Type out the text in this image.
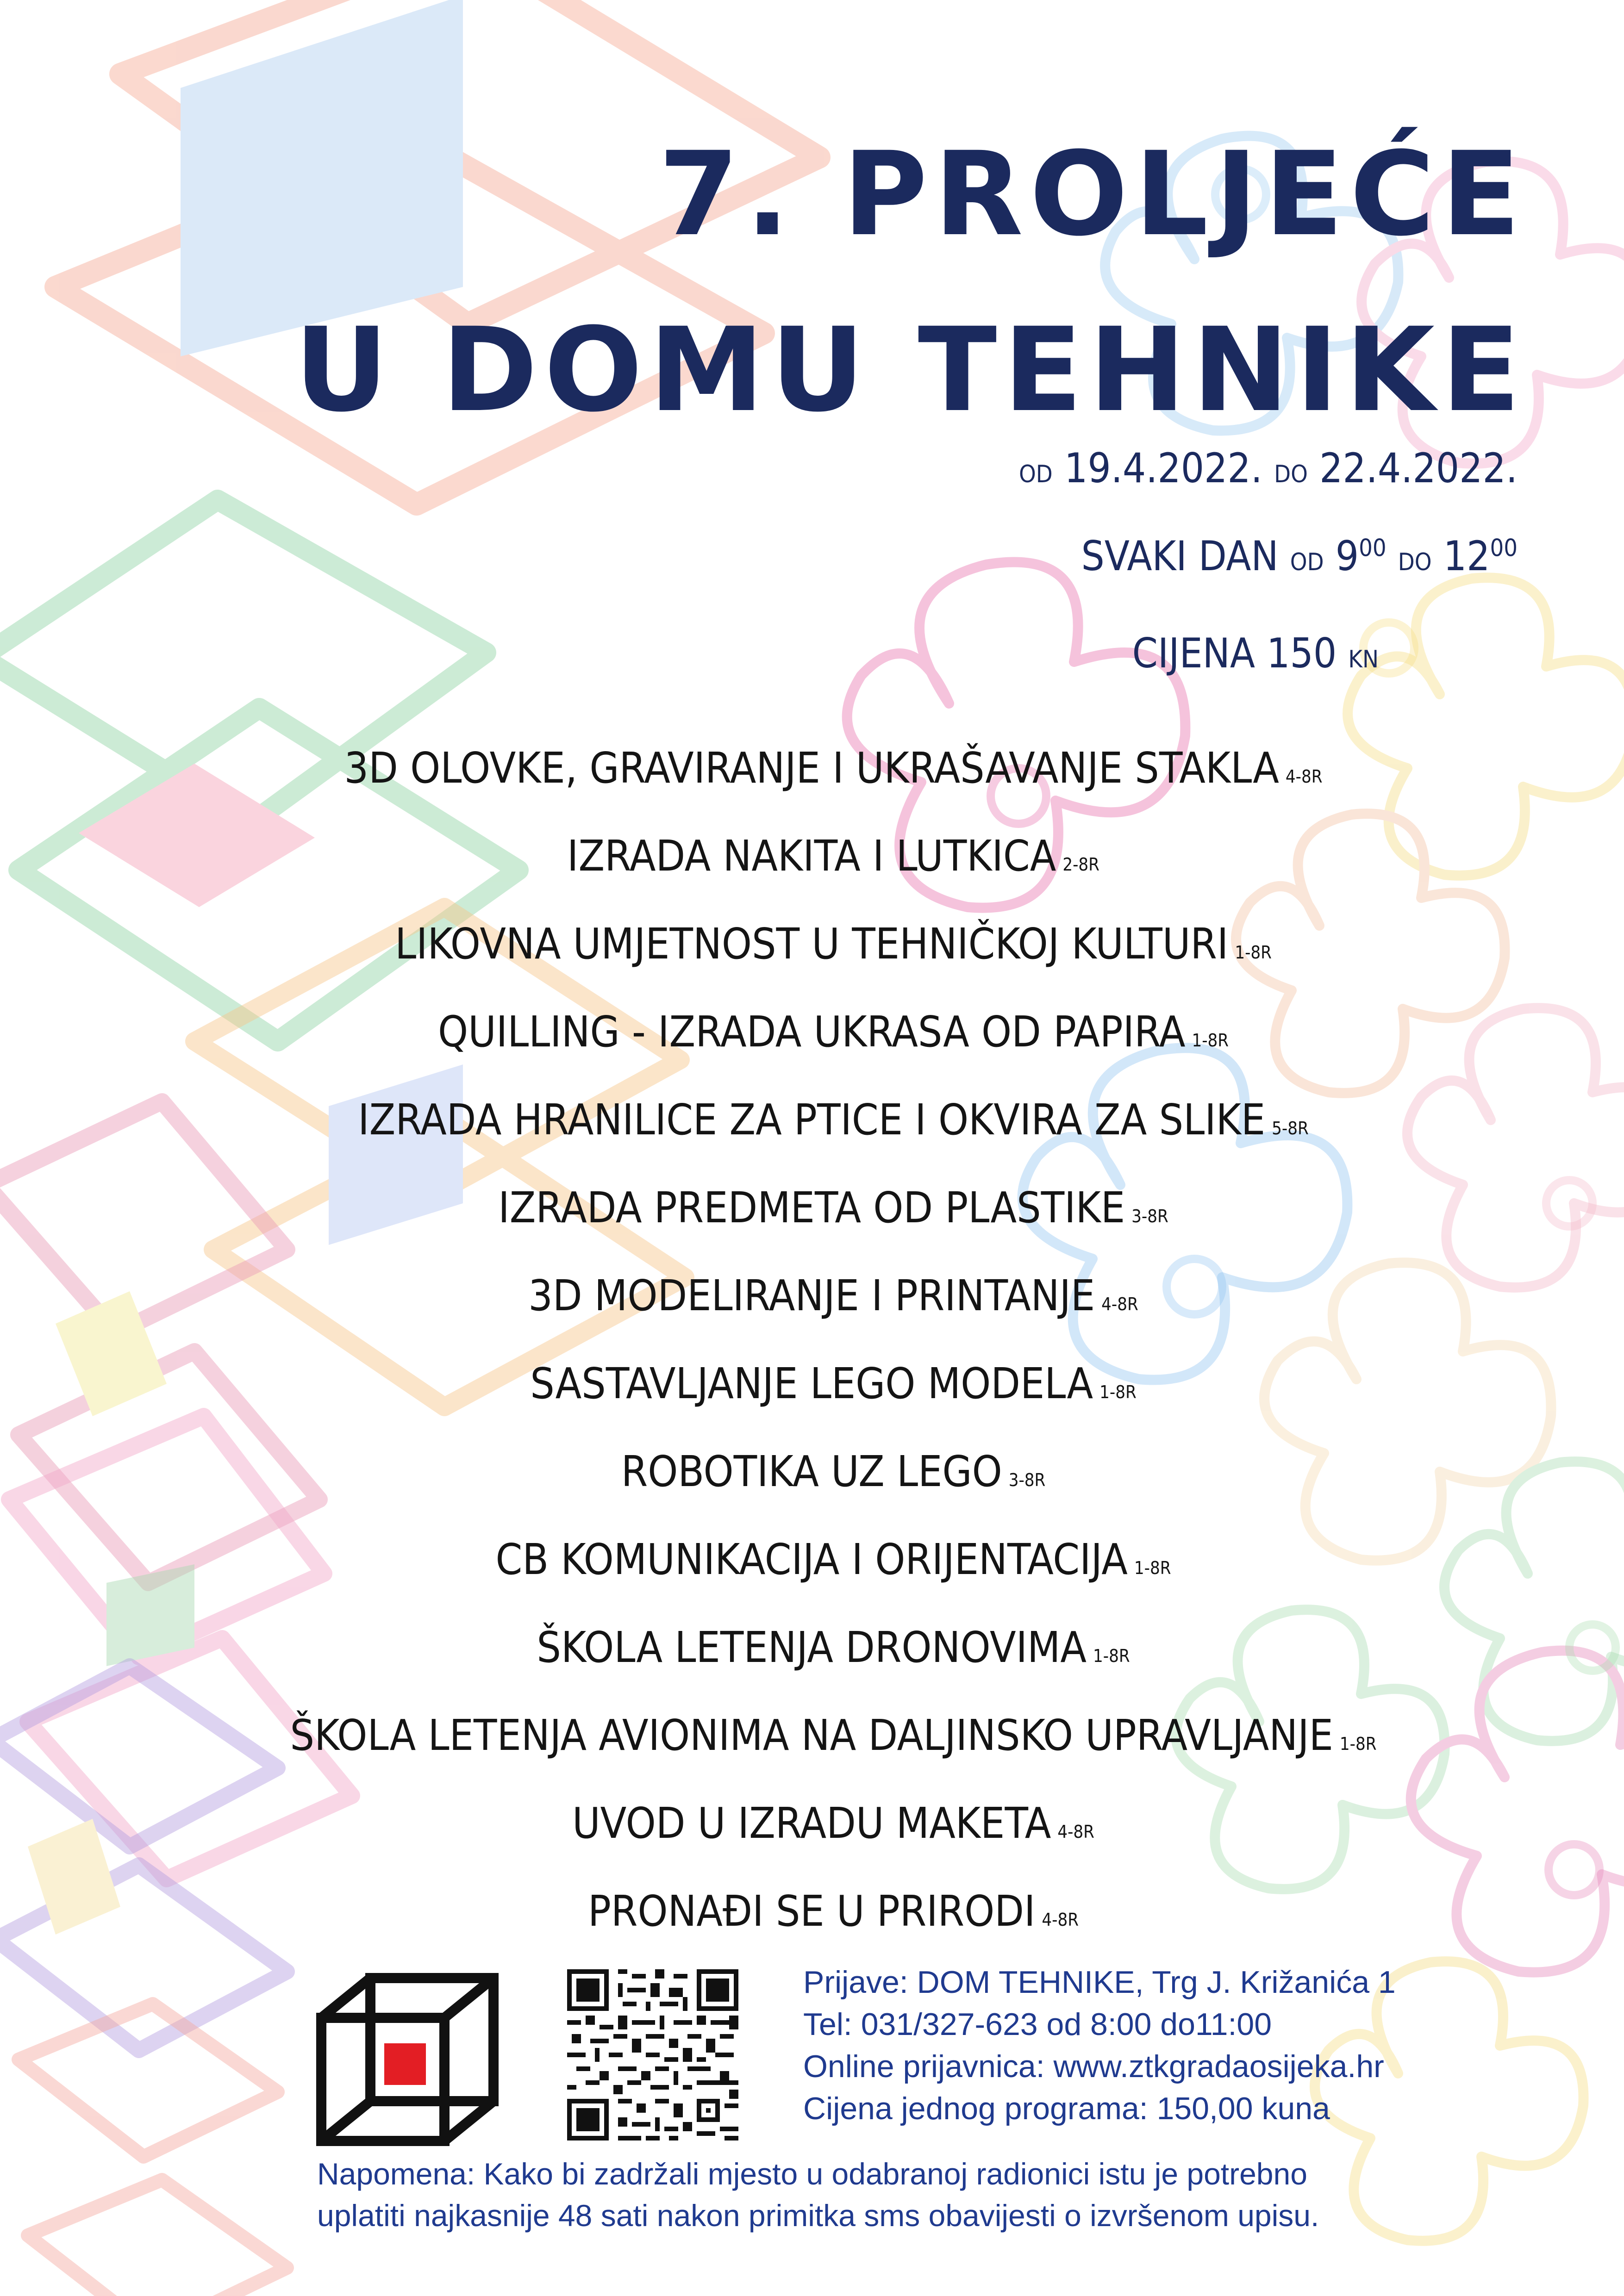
7. PROLJEĆE
U DOMU TEHNIKE
OD 19.4.2022. DO 22.4.2022.
SVAKI DAN OD $9^{00}$ DO $12^{00}$
CIJENA 150 KN
3D OLOVKE, GRAVIRANJE I UKRAŠAVANJE STAKLA 4-8R
IZRADA NAKITA I LUTKICA 2-8R
LIKOVNA UMJETNOST U TEHNIČKOJ KULTURI 1-8R
QUILLING - IZRADA UKRASA OD PAPIRA 1-8R
IZRADA HRANILICE ZA PTICE I OKVIRA ZA SLIKE 5-8R
IZRADA PREDMETA OD PLASTIKE 3-8R
3D MODELIRANJE I PRINTANJE 4-8R
SASTAVLJANJE LEGO MODELA 1-8R
ROBOTIKA UZ LEGO 3-8R
CB KOMUNIKACIJA I ORIJENTACIJA 1-8R
ŠKOLA LETENJA DRONOVIMA 1-8R
ŠKOLA LETENJA AVIONIMA NA DALJINSKO UPRAVLJANJE 1-8R
UVOD U IZRADU MAKETA 4-8R
PRONAĐI SE U PRIRODI 4-8R
Prijave: DOM TEHNIKE, Trg J. Križanića 1
Tel: 031/327-623 od 8:00 do11:00
Online prijavnica: www.ztkgradaosijeka.hr
Cijena jednog programa: 150,00 kuna
Napomena: Kako bi zadržali mjesto u odabranoj radionici istu je potrebno
uplatiti najkasnije 48 sati nakon primitka sms obavijesti o izvršenom upisu.
